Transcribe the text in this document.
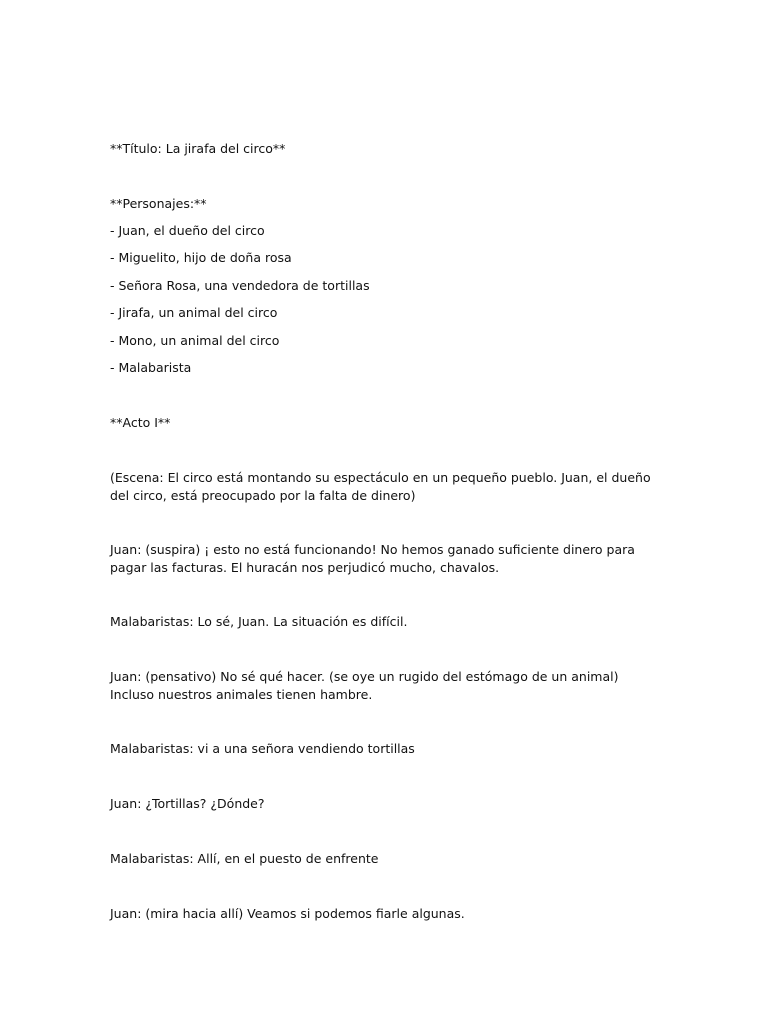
**Título: La jirafa del circo**
**Personajes:**
- Juan, el dueño del circo
- Miguelito, hijo de doña rosa
- Señora Rosa, una vendedora de tortillas
- Jirafa, un animal del circo
- Mono, un animal del circo
- Malabarista
**Acto I**
(Escena: El circo está montando su espectáculo en un pequeño pueblo. Juan, el dueño del circo, está preocupado por la falta de dinero)
Juan: (suspira) ¡ esto no está funcionando! No hemos ganado suficiente dinero para pagar las facturas. El huracán nos perjudicó mucho, chavalos.
Malabaristas: Lo sé, Juan. La situación es difícil.
Juan: (pensativo) No sé qué hacer. (se oye un rugido del estómago de un animal) Incluso nuestros animales tienen hambre.
Malabaristas: vi a una señora vendiendo tortillas
Juan: ¿Tortillas? ¿Dónde?
Malabaristas: Allí, en el puesto de enfrente
Juan: (mira hacia allí) Veamos si podemos fiarle algunas.
